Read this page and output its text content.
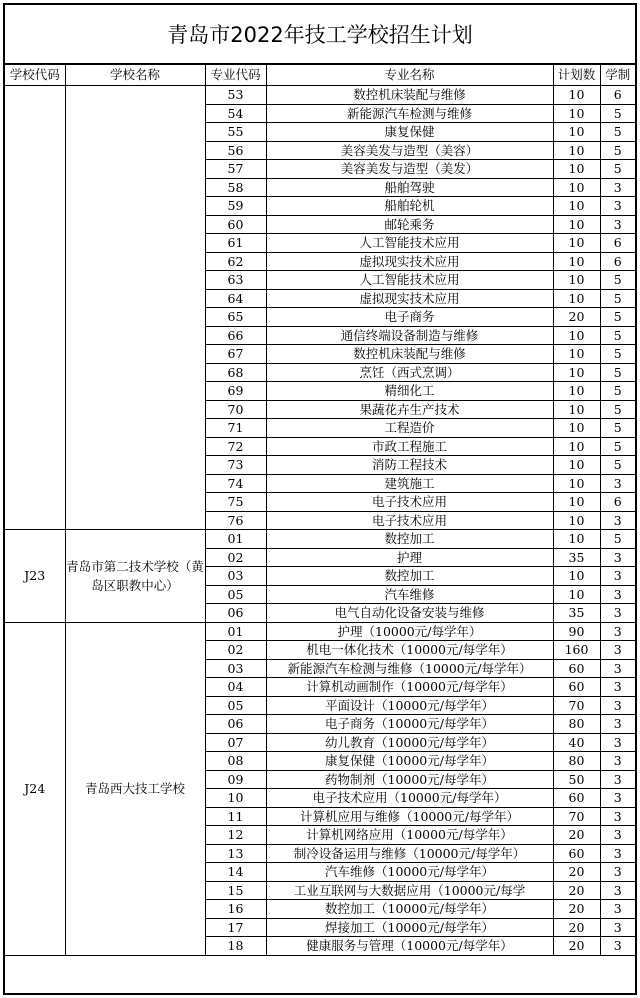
青岛市2022年技工学校招生计划
学校代码	学校名称	专业代码	专业名称	计划数	学制
		53	数控机床装配与维修	10	6
		54	新能源汽车检测与维修	10	5
		55	康复保健	10	5
		56	美容美发与造型（美容）	10	5
		57	美容美发与造型（美发）	10	5
		58	船舶驾驶	10	3
		59	船舶轮机	10	3
		60	邮轮乘务	10	3
		61	人工智能技术应用	10	6
		62	虚拟现实技术应用	10	6
		63	人工智能技术应用	10	5
		64	虚拟现实技术应用	10	5
		65	电子商务	20	5
		66	通信终端设备制造与维修	10	5
		67	数控机床装配与维修	10	5
		68	烹饪（西式烹调）	10	5
		69	精细化工	10	5
		70	果蔬花卉生产技术	10	5
		71	工程造价	10	5
		72	市政工程施工	10	5
		73	消防工程技术	10	5
		74	建筑施工	10	3
		75	电子技术应用	10	6
		76	电子技术应用	10	3
J23	青岛市第二技术学校（黄岛区职教中心）	01	数控加工	10	5
		02	护理	35	3
		03	数控加工	10	3
		05	汽车维修	10	3
		06	电气自动化设备安装与维修	35	3
J24	青岛西大技工学校	01	护理（10000元/每学年）	90	3
		02	机电一体化技术（10000元/每学年）	160	3
		03	新能源汽车检测与维修（10000元/每学年）	60	3
		04	计算机动画制作（10000元/每学年）	60	3
		05	平面设计（10000元/每学年）	70	3
		06	电子商务（10000元/每学年）	80	3
		07	幼儿教育（10000元/每学年）	40	3
		08	康复保健（10000元/每学年）	80	3
		09	药物制剂（10000元/每学年）	50	3
		10	电子技术应用（10000元/每学年）	60	3
		11	计算机应用与维修（10000元/每学年）	70	3
		12	计算机网络应用（10000元/每学年）	20	3
		13	制冷设备运用与维修（10000元/每学年）	60	3
		14	汽车维修（10000元/每学年）	20	3
		15	工业互联网与大数据应用（10000元/每学	20	3
		16	数控加工（10000元/每学年）	20	3
		17	焊接加工（10000元/每学年）	20	3
		18	健康服务与管理（10000元/每学年）	20	3
